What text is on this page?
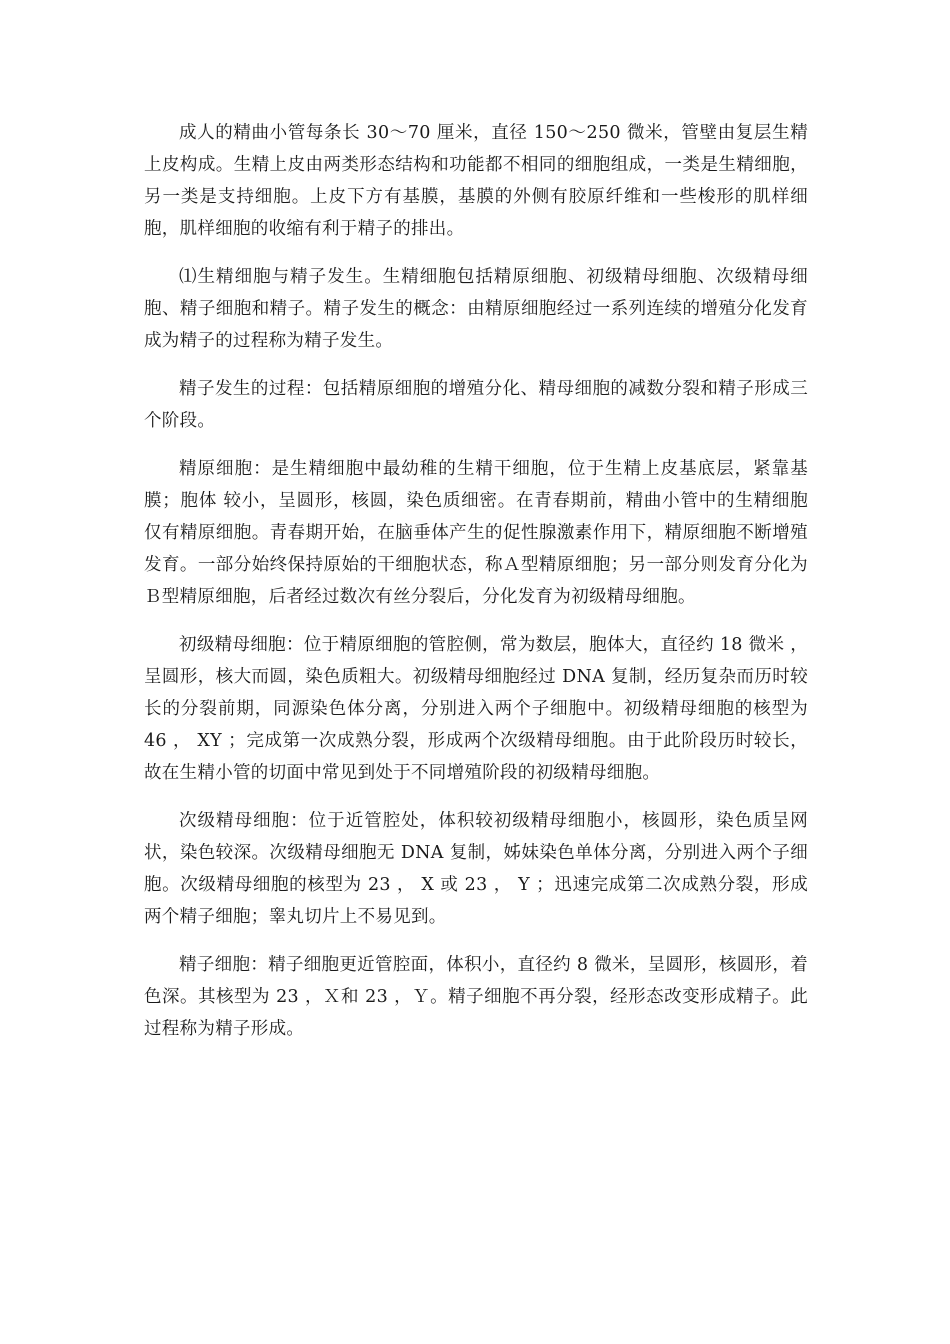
成人的精曲小管每条长 30～70 厘米，直径 150～250 微米，管壁由复层生精上皮构成。生精上皮由两类形态结构和功能都不相同的细胞组成，一类是生精细胞，另一类是支持细胞。上皮下方有基膜，基膜的外侧有胶原纤维和一些梭形的肌样细胞，肌样细胞的收缩有利于精子的排出。

⑴生精细胞与精子发生。生精细胞包括精原细胞、初级精母细胞、次级精母细胞、精子细胞和精子。精子发生的概念：由精原细胞经过一系列连续的增殖分化发育成为精子的过程称为精子发生。

精子发生的过程：包括精原细胞的增殖分化、精母细胞的减数分裂和精子形成三个阶段。

精原细胞：是生精细胞中最幼稚的生精干细胞，位于生精上皮基底层，紧靠基膜；胞体 较小，呈圆形，核圆，染色质细密。在青春期前，精曲小管中的生精细胞仅有精原细胞。青春期开始，在脑垂体产生的促性腺激素作用下，精原细胞不断增殖发育。一部分始终保持原始的干细胞状态，称Ａ型精原细胞；另一部分则发育分化为Ｂ型精原细胞，后者经过数次有丝分裂后，分化发育为初级精母细胞。

初级精母细胞：位于精原细胞的管腔侧，常为数层，胞体大，直径约 18 微米 ， 呈圆形，核大而圆，染色质粗大。初级精母细胞经过 DNA 复制，经历复杂而历时较长的分裂前期，同源染色体分离，分别进入两个子细胞中。初级精母细胞的核型为 46 ， XY ；完成第一次成熟分裂，形成两个次级精母细胞。由于此阶段历时较长，故在生精小管的切面中常见到处于不同增殖阶段的初级精母细胞。

次级精母细胞：位于近管腔处，体积较初级精母细胞小，核圆形，染色质呈网状，染色较深。次级精母细胞无 DNA 复制，姊妹染色单体分离，分别进入两个子细胞。次级精母细胞的核型为 23 ， X 或 23 ， Y ；迅速完成第二次成熟分裂，形成两个精子细胞；睾丸切片上不易见到。

精子细胞：精子细胞更近管腔面，体积小，直径约 8 微米，呈圆形，核圆形，着色深。其核型为 23 ，Ｘ和 23 ，Ｙ。精子细胞不再分裂，经形态改变形成精子。此过程称为精子形成。
